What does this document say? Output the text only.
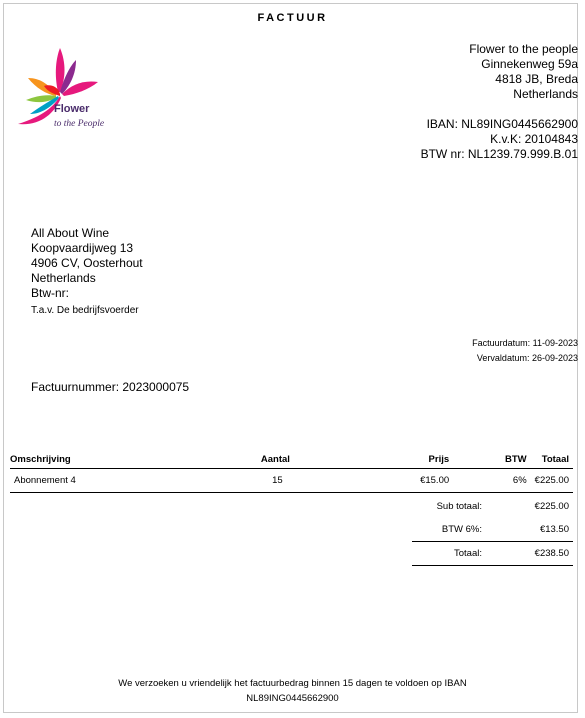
FACTUUR
Flower
to the People
Flower to the people
Ginnekenweg 59a
4818 JB, Breda
Netherlands
IBAN: NL89ING0445662900
K.v.K: 20104843
BTW nr: NL1239.79.999.B.01
All About Wine
Koopvaardijweg 13
4906 CV, Oosterhout
Netherlands
Btw-nr:
T.a.v. De bedrijfsvoerder
Factuurdatum: 11-09-2023
Vervaldatum: 26-09-2023
Factuurnummer: 2023000075
Omschrijving	Aantal	Prijs	BTW	Totaal
Abonnement 4	15	€15.00	6%	€225.00
Sub totaal:	€225.00
BTW 6%:	€13.50
Totaal:	€238.50
We verzoeken u vriendelijk het factuurbedrag binnen 15 dagen te voldoen op IBAN
NL89ING0445662900
